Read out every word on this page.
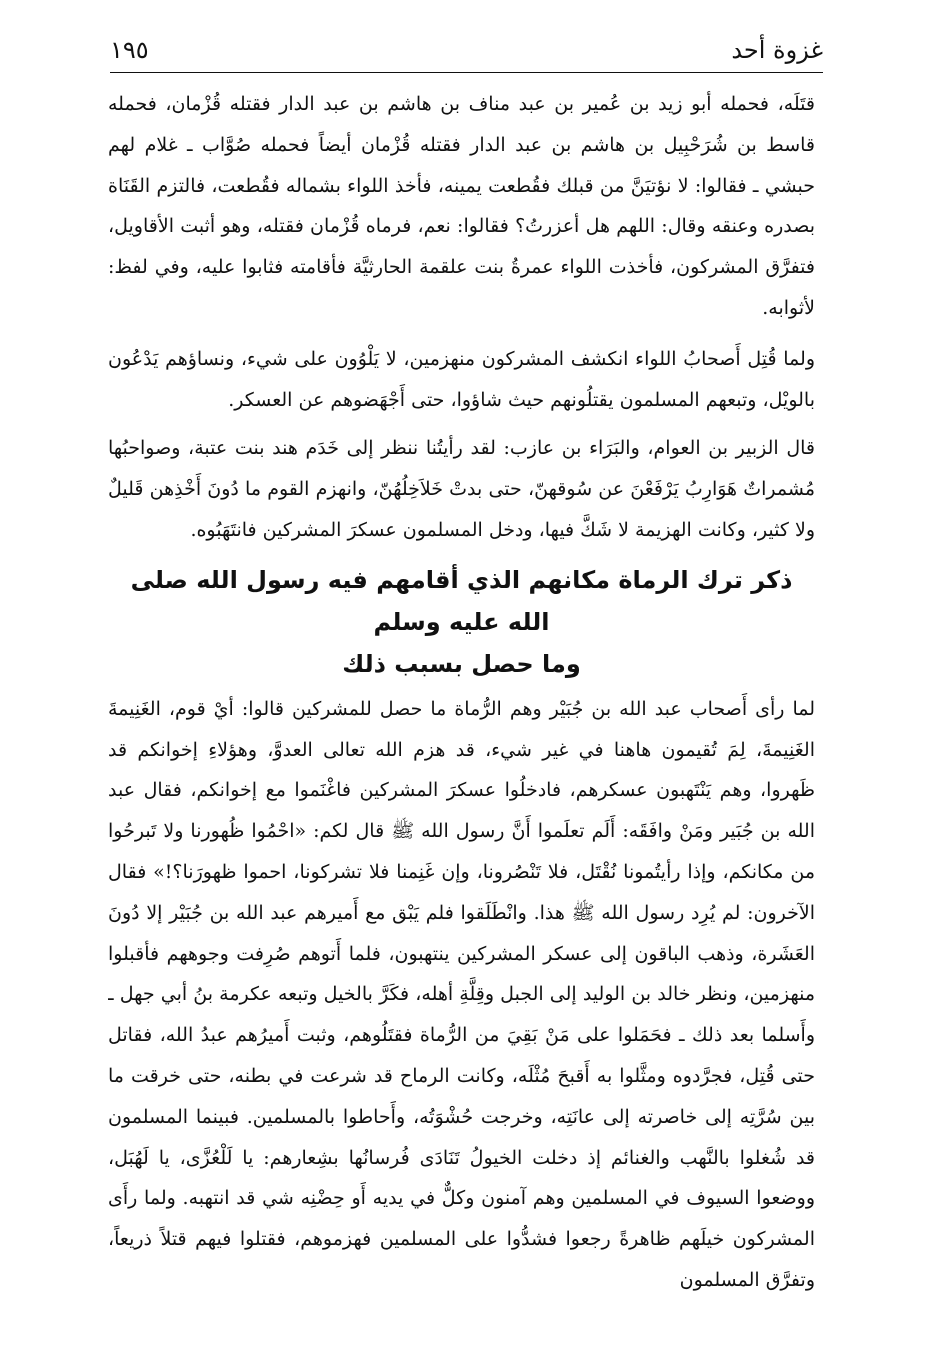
غزوة أحد
١٩٥

قتَلَه، فحمله أبو زيد بن عُمير بن عبد مناف بن هاشم بن عبد الدار فقتله قُزْمان، فحمله قاسط بن شُرَحْبِيل بن هاشم بن عبد الدار فقتله قُزْمان أيضاً فحمله صُوَّاب ـ غلام لهم حبشي ـ فقالوا: لا نؤتيَنَّ من قبلك فقُطعت يمينه، فأخذ اللواء بشماله فقُطعت، فالتزم القَنَاة بصدره وعنقه وقال: اللهم هل أعزرتُ؟ فقالوا: نعم، فرماه قُزْمان فقتله، وهو أثبت الأقاويل، فتفرَّق المشركون، فأخذت اللواء عمرةُ بنت علقمة الحارثيَّة فأقامته فثابوا عليه، وفي لفظ: لأثوابه.

ولما قُتِل أَصحابُ اللواء انكشف المشركون منهزمين، لا يَلْوُون على شيء، ونساؤهم يَدْعُون بالويْل، وتبعهم المسلمون يقتلُونهم حيث شاؤوا، حتى أَجْهَضوهم عن العسكر.

قال الزبير بن العوام، والبَرَاء بن عازب: لقد رأيتُنا ننظر إلى خَدَم هند بنت عتبة، وصواحبُها مُشمراتٌ هَوَارِبُ يَرْفَعْنَ عن سُوقهنّ، حتى بدتْ خَلاَخِلُهُنّ، وانهزم القوم ما دُونَ أَخْذِهن قَليلٌ ولا كثير، وكانت الهزيمة لا شَكَّ فيها، ودخل المسلمون عسكرَ المشركين فانتَهَبُوه.

ذكر ترك الرماة مكانهم الذي أقامهم فيه رسول الله صلى الله عليه وسلم
وما حصل بسبب ذلك

لما رأى أَصحاب عبد الله بن جُبَيْر وهم الرُّماة ما حصل للمشركين قالوا: أيْ قوم، الغَنِيمةَ الغَنِيمةَ، لِمَ تُقيمون هاهنا في غير شيء، قد هزم الله تعالى العدوَّ، وهؤلاءِ إخوانكم قد ظَهروا، وهم يَنْتَهبون عسكرهم، فادخلُوا عسكرَ المشركين فاغْنَموا مع إخوانكم، فقال عبد الله بن جُبَير ومَنْ وافَقَه: أَلَم تعلَموا أَنَّ رسول الله ﷺ قال لكم: «احْمُوا ظُهورنا ولا تَبرحُوا من مكانكم، وإذا رأيتُمونا نُقْتَل، فلا تَنْصُرونا، وإن غَنِمنا فلا تشركونا، احموا ظهورَنا؟!» فقال الآخرون: لم يُرِد رسول الله ﷺ هذا. وانْطَلَقوا فلم يَبْق مع أَميرهم عبد الله بن جُبَيْر إلا دُونَ العَشَرة، وذهب الباقون إلى عسكر المشركين ينتهبون، فلما أَتوهم صُرِفت وجوههم فأقبلوا منهزمين، ونظر خالد بن الوليد إلى الجبل وقِلَّةِ أهله، فكَرَّ بالخيل وتبعه عكرمة بنُ أبي جهل ـ وأَسلما بعد ذلك ـ فحَمَلوا على مَنْ بَقِيَ من الرُّماة فقتَلُوهم، وثبت أَميرُهم عبدُ الله، فقاتل حتى قُتِل، فجرَّدوه ومثَّلوا به أَقبحَ مُثْلَه، وكانت الرماح قد شرعت في بطنه، حتى خرقت ما بين سُرَّتِه إلى خاصرته إلى عانَتِه، وخرجت حُشْوَتُه، وأَحاطوا بالمسلمين. فبينما المسلمون قد شُغلوا بالنَّهب والغنائم إذ دخلت الخيولُ تَنَادَى فُرسانُها بشِعارهم: يا لَلْعُزَّى، يا لَهُبَل، ووضعوا السيوف في المسلمين وهم آمنون وكلٌّ في يديه أَو حِضْنِه شي قد انتهبه. ولما رأَى المشركون خيلَهم ظاهرةً رجعوا فشدُّوا على المسلمين فهزموهم، فقتلوا فيهم قتلاً ذريعاً، وتفرَّق المسلمون
